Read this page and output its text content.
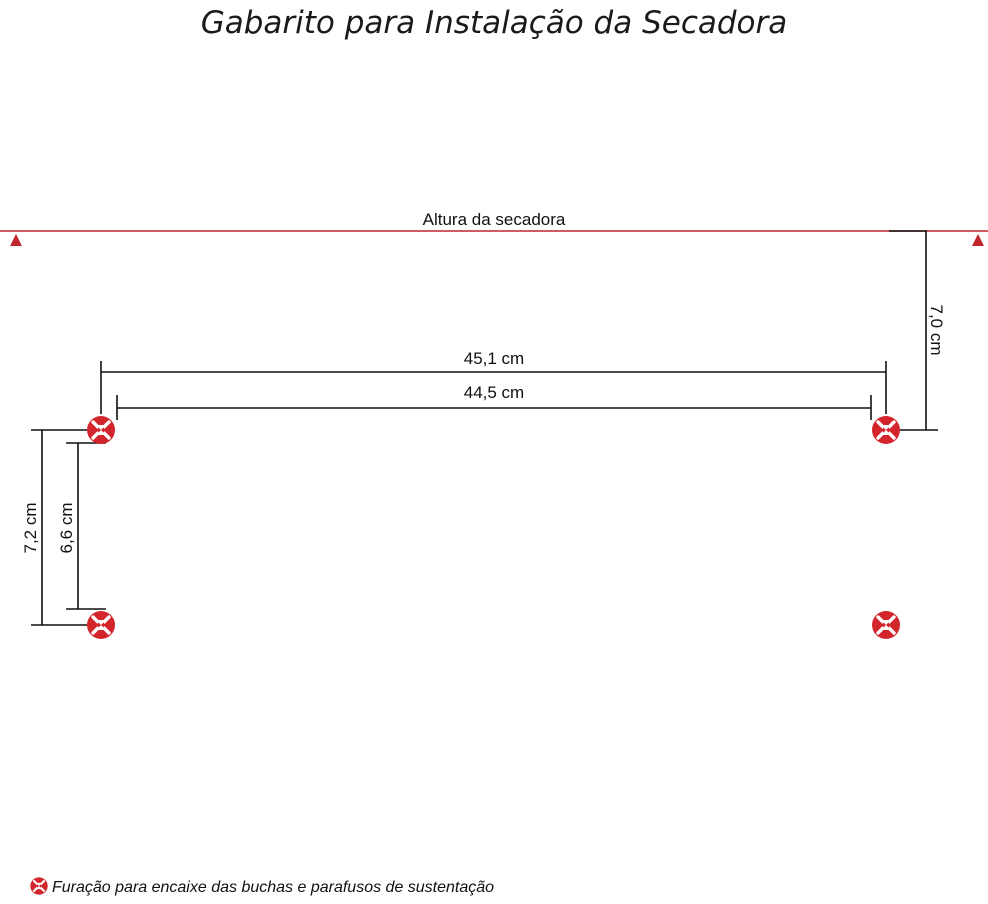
Gabarito para Instalação da Secadora
Altura da secadora
7,0 cm
45,1 cm
44,5 cm
7,2 cm 6,6 cm
Furação para encaixe das buchas e parafusos de sustentação
